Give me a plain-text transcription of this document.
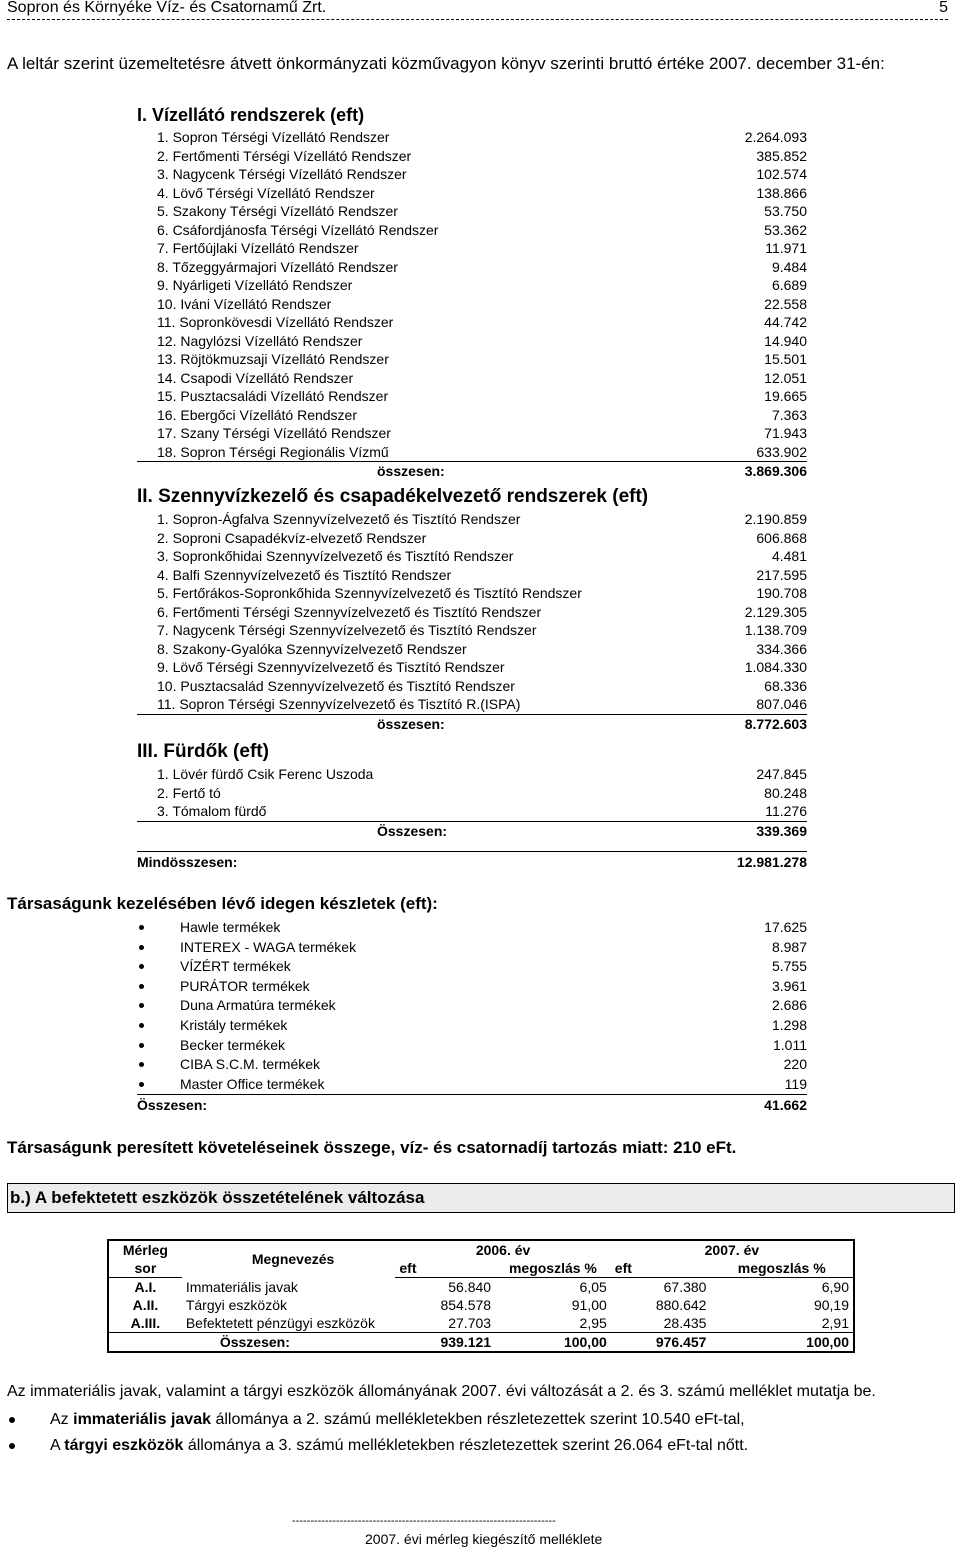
Sopron és Környéke Víz- és Csatornamű Zrt.	5
A leltár szerint üzemeltetésre átvett önkormányzati közművagyon könyv szerinti bruttó értéke 2007. december 31-én:
I. Vízellátó rendszerek (eft)
1. Sopron Térségi Vízellátó Rendszer	2.264.093
2. Fertőmenti Térségi Vízellátó Rendszer	385.852
3. Nagycenk Térségi Vízellátó Rendszer	102.574
4. Lövő Térségi Vízellátó Rendszer	138.866
5. Szakony Térségi Vízellátó Rendszer	53.750
6. Csáfordjánosfa Térségi Vízellátó Rendszer	53.362
7. Fertőújlaki Vízellátó Rendszer	11.971
8. Tőzeggyármajori Vízellátó Rendszer	9.484
9. Nyárligeti Vízellátó Rendszer	6.689
10. Iváni Vízellátó Rendszer	22.558
11. Sopronkövesdi Vízellátó Rendszer	44.742
12. Nagylózsi Vízellátó Rendszer	14.940
13. Röjtökmuzsaji Vízellátó Rendszer	15.501
14. Csapodi Vízellátó Rendszer	12.051
15. Pusztacsaládi Vízellátó Rendszer	19.665
16. Ebergőci Vízellátó Rendszer	7.363
17. Szany Térségi Vízellátó Rendszer	71.943
18. Sopron Térségi Regionális Vízmű	633.902
összesen:	3.869.306
II. Szennyvízkezelő és csapadékelvezető rendszerek (eft)
1. Sopron-Ágfalva Szennyvízelvezető és Tisztító Rendszer	2.190.859
2. Soproni Csapadékvíz-elvezető Rendszer	606.868
3. Sopronkőhidai Szennyvízelvezető és Tisztító Rendszer	4.481
4. Balfi Szennyvízelvezető és Tisztító Rendszer	217.595
5. Fertőrákos-Sopronkőhida Szennyvízelvezető és Tisztító Rendszer	190.708
6. Fertőmenti Térségi Szennyvízelvezető és Tisztító Rendszer	2.129.305
7. Nagycenk Térségi Szennyvízelvezető és Tisztító Rendszer	1.138.709
8. Szakony-Gyalóka Szennyvízelvezető Rendszer	334.366
9. Lövő Térségi Szennyvízelvezető és Tisztító Rendszer	1.084.330
10. Pusztacsalád Szennyvízelvezető és Tisztító Rendszer	68.336
11. Sopron Térségi Szennyvízelvezető és Tisztító R.(ISPA)	807.046
összesen:	8.772.603
III. Fürdők (eft)
1. Lövér fürdő Csik Ferenc Uszoda	247.845
2. Fertő tó	80.248
3. Tómalom fürdő	11.276
Összesen:	339.369
Mindösszesen:	12.981.278
Társaságunk kezelésében lévő idegen készletek (eft):
Hawle termékek	17.625
INTEREX - WAGA termékek	8.987
VÍZÉRT termékek	5.755
PURÁTOR termékek	3.961
Duna Armatúra termékek	2.686
Kristály termékek	1.298
Becker termékek	1.011
CIBA S.C.M. termékek	220
Master Office termékek	119
Összesen:	41.662
Társaságunk peresített követeléseinek összege, víz- és csatornadíj tartozás miatt: 210 eFt.
b.) A befektetett eszközök összetételének változása
Mérleg	Megnevezés	2006. év		2007. év	
sor		eft	megoszlás %	eft	megoszlás %
A.I.	Immateriális javak	56.840	6,05	67.380	6,90
A.II.	Tárgyi eszközök	854.578	91,00	880.642	90,19
A.III.	Befektetett pénzügyi eszközök	27.703	2,95	28.435	2,91
	Összesen:	939.121	100,00	976.457	100,00
Az immateriális javak, valamint a tárgyi eszközök állományának 2007. évi változását a 2. és 3. számú melléklet mutatja be.
Az immateriális javak állománya a 2. számú mellékletekben részletezettek szerint 10.540 eFt-tal,
A tárgyi eszközök állománya a 3. számú mellékletekben részletezettek szerint 26.064 eFt-tal nőtt.
------------------------------------------------------------------------
2007. évi mérleg kiegészítő melléklete
